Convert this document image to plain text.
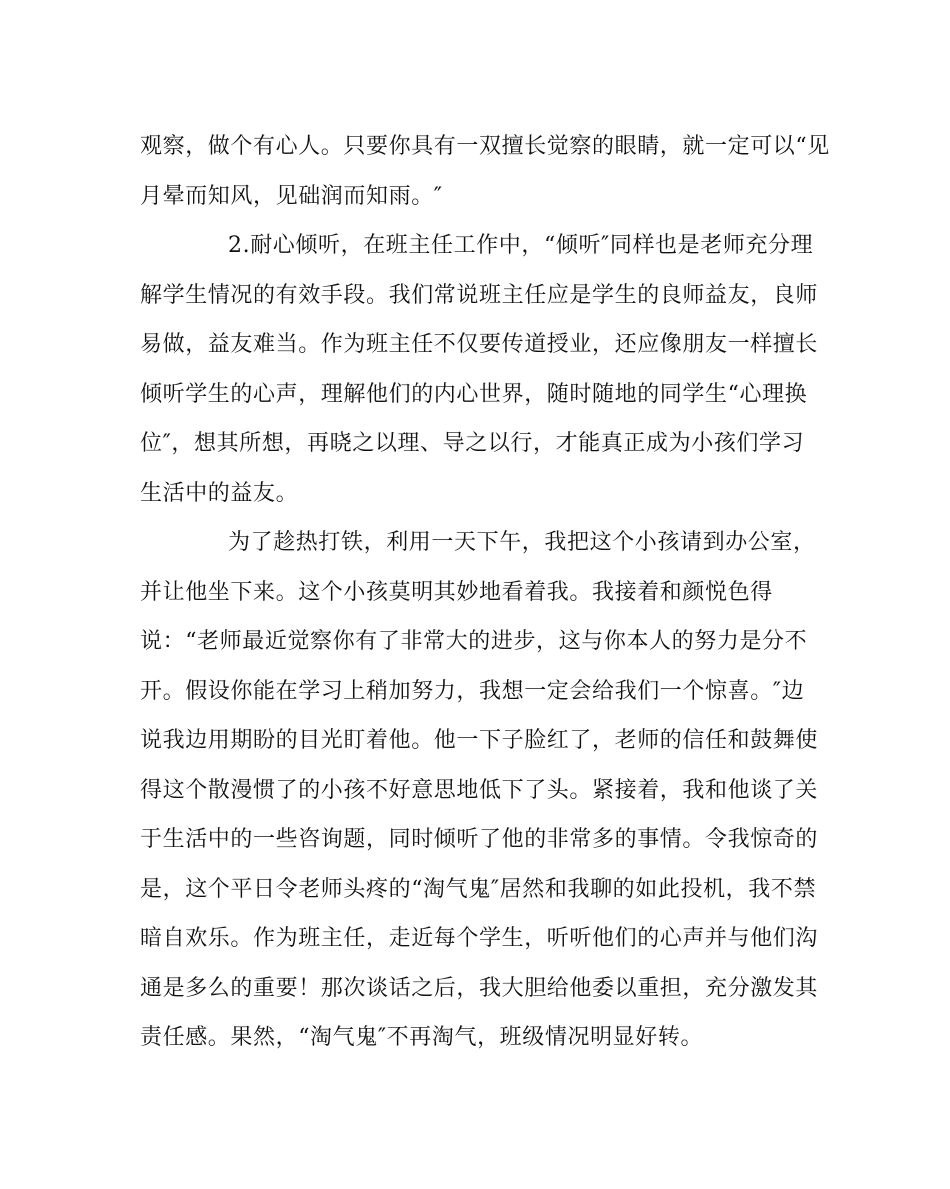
观察，做个有心人。只要你具有一双擅长觉察的眼睛，就一定可以“见
月晕而知风，见础润而知雨。″
2.耐心倾听，在班主任工作中，“倾听″同样也是老师充分理
解学生情况的有效手段。我们常说班主任应是学生的良师益友，良师
易做，益友难当。作为班主任不仅要传道授业，还应像朋友一样擅长
倾听学生的心声，理解他们的内心世界，随时随地的同学生“心理换
位″，想其所想，再晓之以理、导之以行，才能真正成为小孩们学习
生活中的益友。
为了趁热打铁，利用一天下午，我把这个小孩请到办公室，
并让他坐下来。这个小孩莫明其妙地看着我。我接着和颜悦色得
说：“老师最近觉察你有了非常大的进步，这与你本人的努力是分不
开。假设你能在学习上稍加努力，我想一定会给我们一个惊喜。″边
说我边用期盼的目光盯着他。他一下子脸红了，老师的信任和鼓舞使
得这个散漫惯了的小孩不好意思地低下了头。紧接着，我和他谈了关
于生活中的一些咨询题，同时倾听了他的非常多的事情。令我惊奇的
是，这个平日令老师头疼的“淘气鬼″居然和我聊的如此投机，我不禁
暗自欢乐。作为班主任，走近每个学生，听听他们的心声并与他们沟
通是多么的重要！那次谈话之后，我大胆给他委以重担，充分激发其
责任感。果然，“淘气鬼″不再淘气，班级情况明显好转。
